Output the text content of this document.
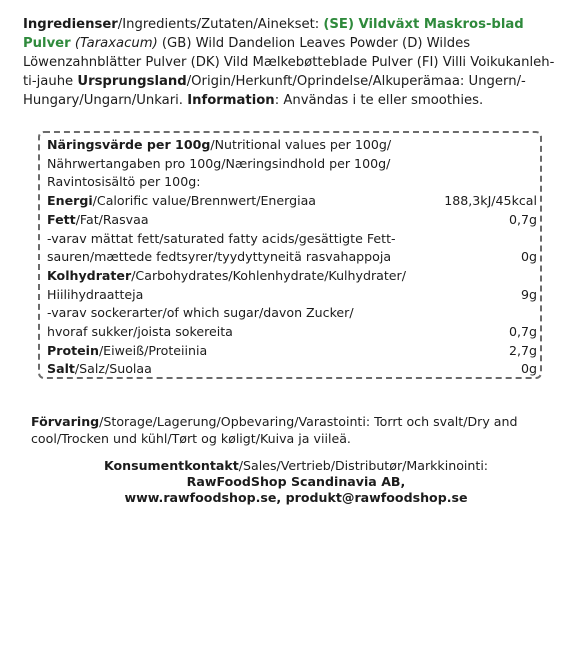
Ingredienser/Ingredients/Zutaten/Ainekset: (SE) Vildväxt Maskros-blad Pulver (Taraxacum) (GB) Wild Dandelion Leaves Powder (D) Wildes Löwenzahnblätter Pulver (DK) Vild Mælkebøtteblade Pulver (FI) Villi Voikukanleh-ti-jauhe Ursprungsland/Origin/Herkunft/Oprindelse/Alkuperämaa: Ungern/-Hungary/Ungarn/Unkari. Information: Användas i te eller smoothies.
Näringsvärde per 100g/Nutritional values per 100g/
Nährwertangaben pro 100g/Næringsindhold per 100g/
Ravintosisältö per 100g:
Energi/Calorific value/Brennwert/Energiaa	188,3kJ/45kcal
Fett/Fat/Rasvaa	0,7g
-varav mättat fett/saturated fatty acids/gesättigte Fett-
sauren/mættede fedtsyrer/tyydyttyneitä rasvahappoja	0g
Kolhydrater/Carbohydrates/Kohlenhydrate/Kulhydrater/
Hiilihydraatteja	9g
-varav sockerarter/of which sugar/davon Zucker/
hvoraf sukker/joista sokereita	0,7g
Protein/Eiweiß/Proteiinia	2,7g
Salt/Salz/Suolaa	0g
Förvaring/Storage/Lagerung/Opbevaring/Varastointi: Torrt och svalt/Dry and cool/Trocken und kühl/Tørt og køligt/Kuiva ja viileä.
Konsumentkontakt/Sales/Vertrieb/Distributør/Markkinointi:
RawFoodShop Scandinavia AB,
www.rawfoodshop.se, produkt@rawfoodshop.se
